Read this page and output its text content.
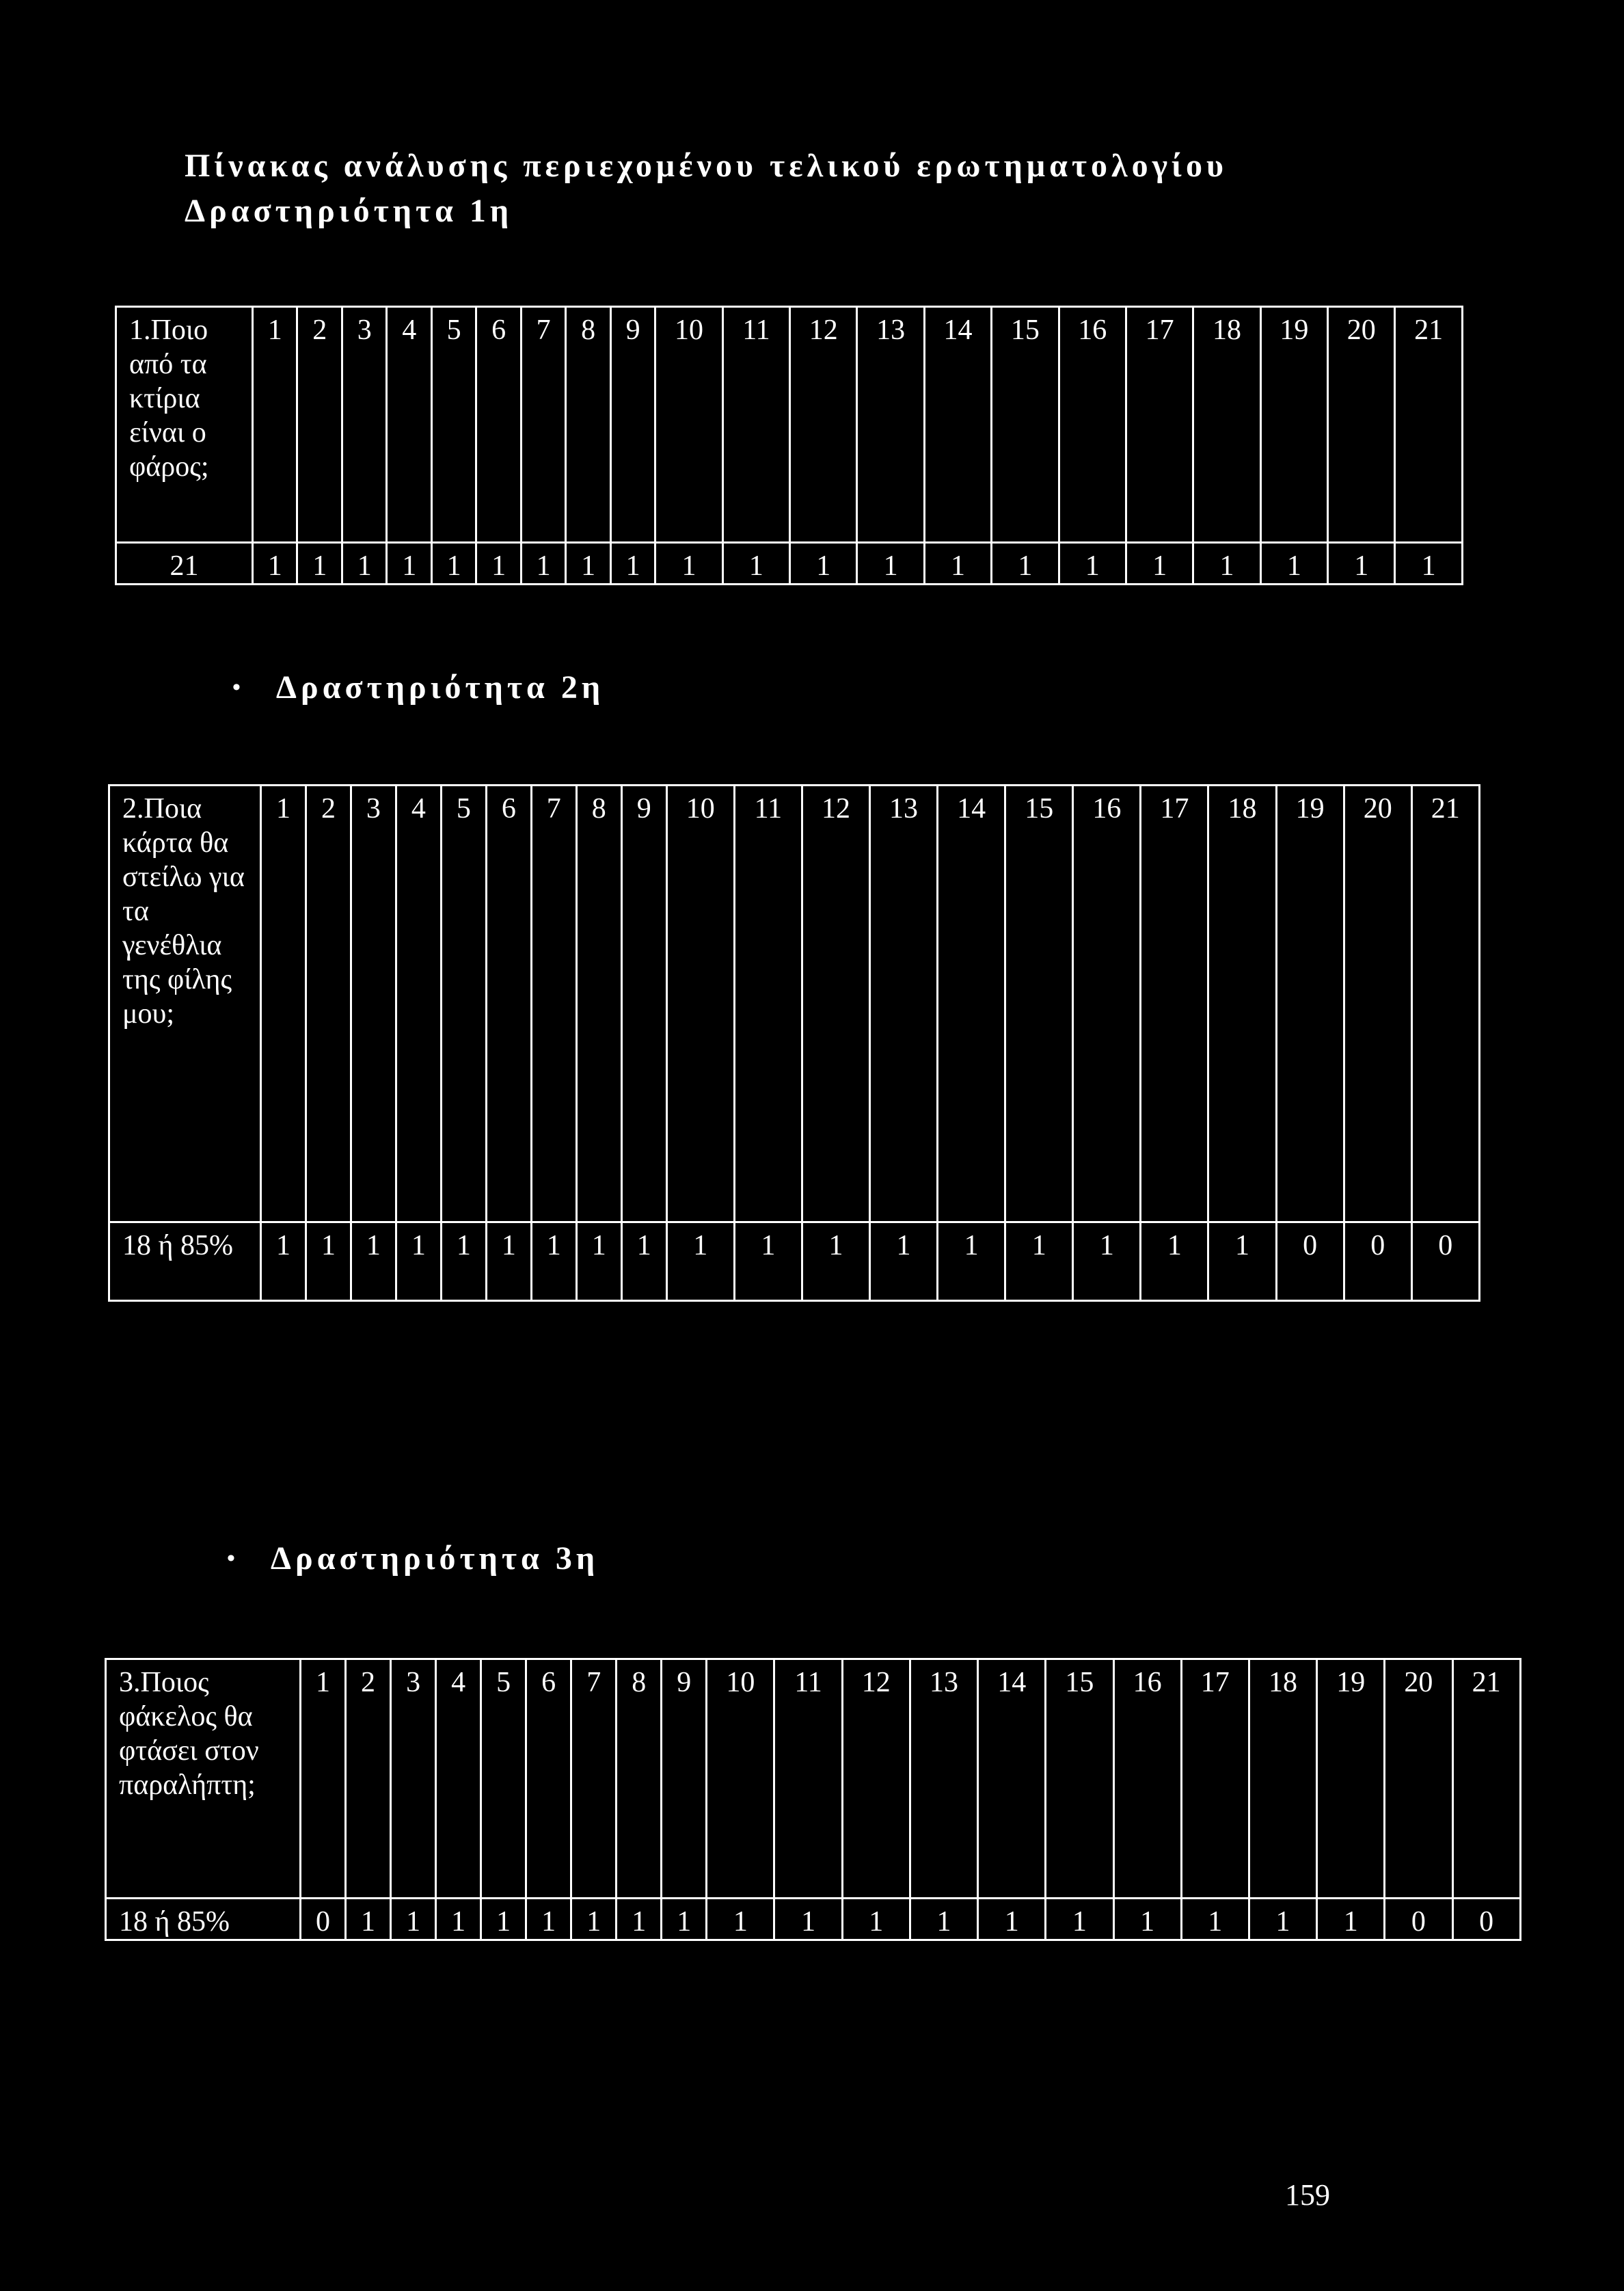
Πίνακας ανάλυσης περιεχομένου τελικού ερωτηματολογίου
Δραστηριότητα 1η
1.Ποιο από τα κτίρια είναι ο φάρος;	1	2	3	4	5	6	7	8	9	10	11	12	13	14	15	16	17	18	19	20	21
21	1	1	1	1	1	1	1	1	1	1	1	1	1	1	1	1	1	1	1	1	1
• Δραστηριότητα 2η
2.Ποια κάρτα θα στείλω για τα γενέθλια της φίλης μου;	1	2	3	4	5	6	7	8	9	10	11	12	13	14	15	16	17	18	19	20	21
18 ή 85%	1	1	1	1	1	1	1	1	1	1	1	1	1	1	1	1	1	1	0	0	0
• Δραστηριότητα 3η
3.Ποιος φάκελος θα φτάσει στον παραλήπτη;	1	2	3	4	5	6	7	8	9	10	11	12	13	14	15	16	17	18	19	20	21
18 ή 85%	0	1	1	1	1	1	1	1	1	1	1	1	1	1	1	1	1	1	1	0	0
159
